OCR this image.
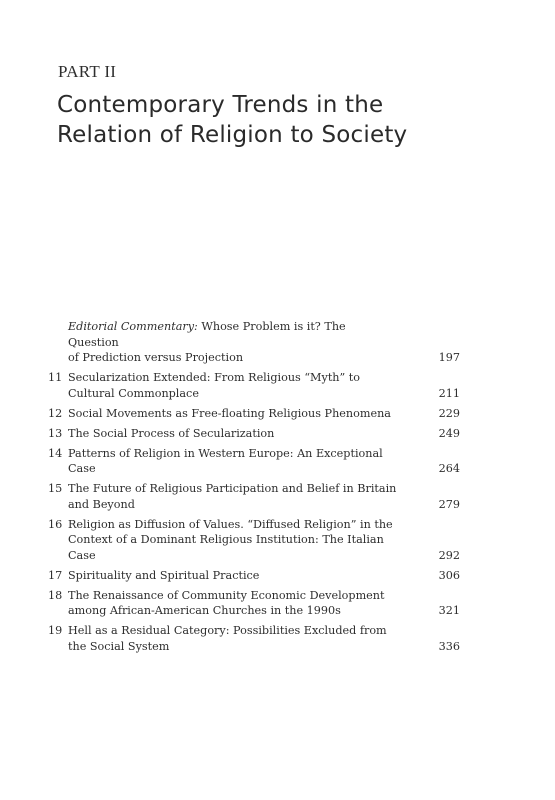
PART II
Contemporary Trends in the
Relation of Religion to Society
Editorial Commentary: Whose Problem is it? The Question
of Prediction versus Projection	197
11 Secularization Extended: From Religious “Myth” to
Cultural Commonplace	211
12 Social Movements as Free-floating Religious Phenomena	229
13 The Social Process of Secularization	249
14 Patterns of Religion in Western Europe: An Exceptional
Case	264
15 The Future of Religious Participation and Belief in Britain
and Beyond	279
16 Religion as Diffusion of Values. “Diffused Religion” in the
Context of a Dominant Religious Institution: The Italian
Case	292
17 Spirituality and Spiritual Practice	306
18 The Renaissance of Community Economic Development
among African-American Churches in the 1990s	321
19 Hell as a Residual Category: Possibilities Excluded from
the Social System	336
